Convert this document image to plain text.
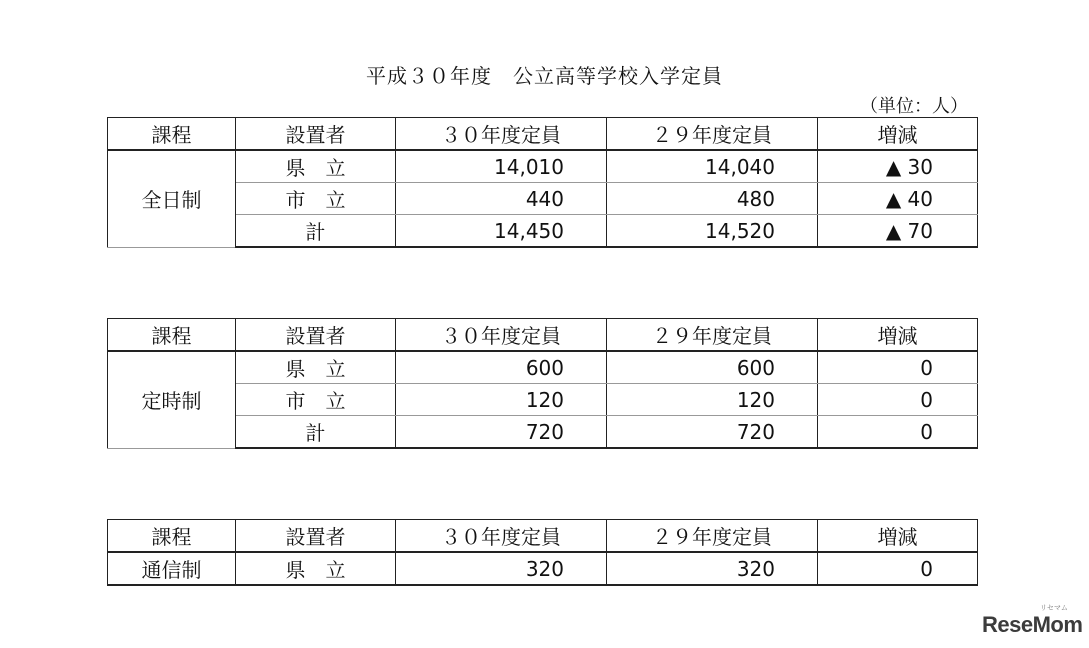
平成３０年度　公立高等学校入学定員
（単位：人）
課程	設置者	３０年度定員	２９年度定員	増減
全日制	県　立	14,010	14,040	▲ 30
	市　立	440	480	▲ 40
	計	14,450	14,520	▲ 70
課程	設置者	３０年度定員	２９年度定員	増減
定時制	県　立	600	600	0
	市　立	120	120	0
	計	720	720	0
課程	設置者	３０年度定員	２９年度定員	増減
通信制	県　立	320	320	0
リセマム
ReseMom
